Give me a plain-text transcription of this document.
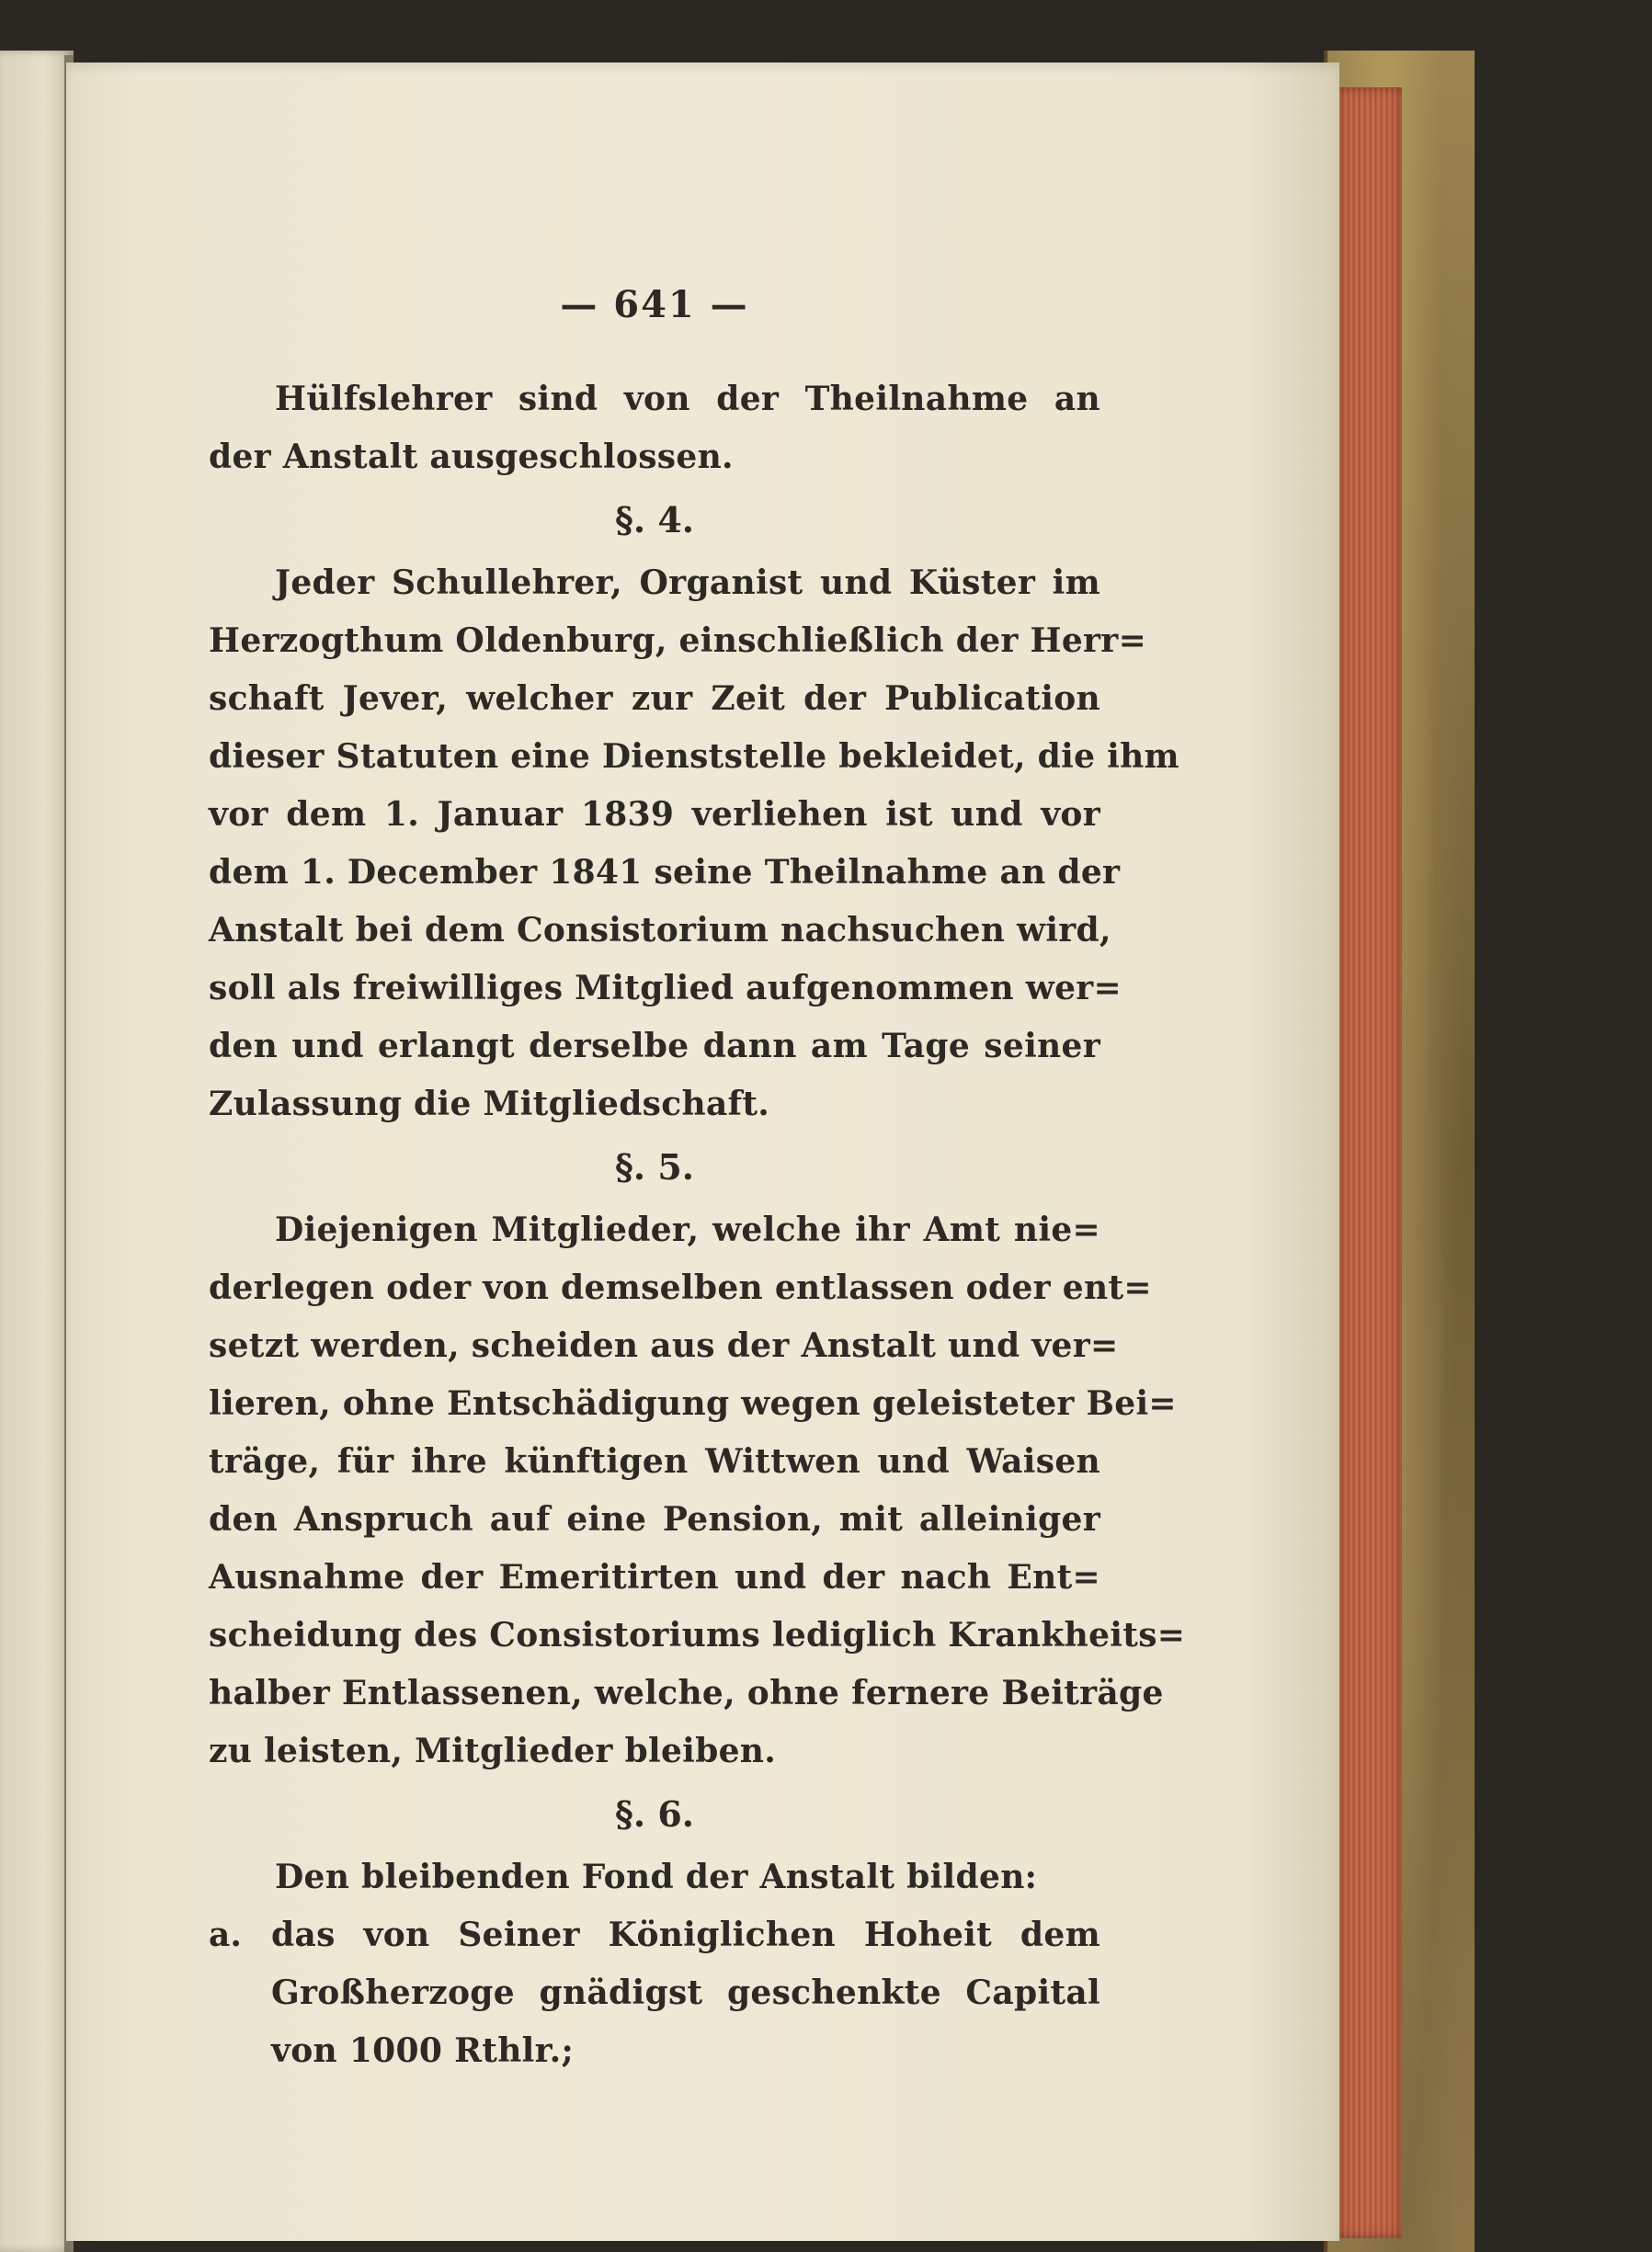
— 641 —
Hülfslehrer sind von der Theilnahme an
der Anstalt ausgeschlossen.
§. 4.
Jeder Schullehrer, Organist und Küster im
Herzogthum Oldenburg, einschließlich der Herr=
schaft Jever, welcher zur Zeit der Publication
dieser Statuten eine Dienststelle bekleidet, die ihm
vor dem 1. Januar 1839 verliehen ist und vor
dem 1. December 1841 seine Theilnahme an der
Anstalt bei dem Consistorium nachsuchen wird,
soll als freiwilliges Mitglied aufgenommen wer=
den und erlangt derselbe dann am Tage seiner
Zulassung die Mitgliedschaft.
§. 5.
Diejenigen Mitglieder, welche ihr Amt nie=
derlegen oder von demselben entlassen oder ent=
setzt werden, scheiden aus der Anstalt und ver=
lieren, ohne Entschädigung wegen geleisteter Bei=
träge, für ihre künftigen Wittwen und Waisen
den Anspruch auf eine Pension, mit alleiniger
Ausnahme der Emeritirten und der nach Ent=
scheidung des Consistoriums lediglich Krankheits=
halber Entlassenen, welche, ohne fernere Beiträge
zu leisten, Mitglieder bleiben.
§. 6.
Den bleibenden Fond der Anstalt bilden:
a. das von Seiner Königlichen Hoheit dem
Großherzoge gnädigst geschenkte Capital
von 1000 Rthlr.;
